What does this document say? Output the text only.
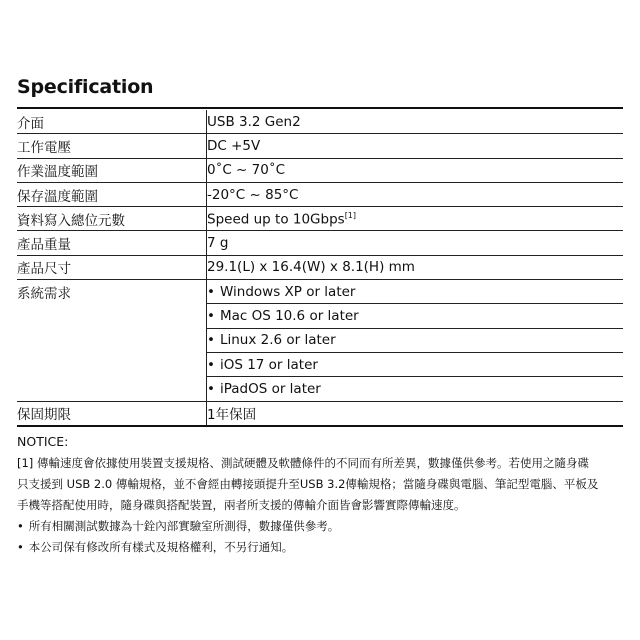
Specification
介面	USB 3.2 Gen2
工作電壓	DC +5V
作業溫度範圍	0˚C ~ 70˚C
保存溫度範圍	-20°C ~ 85°C
資料寫入總位元數	Speed up to 10Gbps[1]
產品重量	7 g
產品尺寸	29.1(L) x 16.4(W) x 8.1(H) mm
系統需求	• Windows XP or later
	• Mac OS 10.6 or later
	• Linux 2.6 or later
	• iOS 17 or later
	• iPadOS or later
保固期限	1年保固

NOTICE:

[1] 傳輸速度會依據使用裝置支援規格、測試硬體及軟體條件的不同而有所差異，數據僅供參考。若使用之隨身碟

只支援到 USB 2.0 傳輸規格，並不會經由轉接頭提升至USB 3.2傳輸規格；當隨身碟與電腦、筆記型電腦、平板及

手機等搭配使用時，隨身碟與搭配裝置，兩者所支援的傳輸介面皆會影響實際傳輸速度。

• 所有相關測試數據為十銓內部實驗室所測得，數據僅供參考。

• 本公司保有修改所有樣式及規格權利，不另行通知。
